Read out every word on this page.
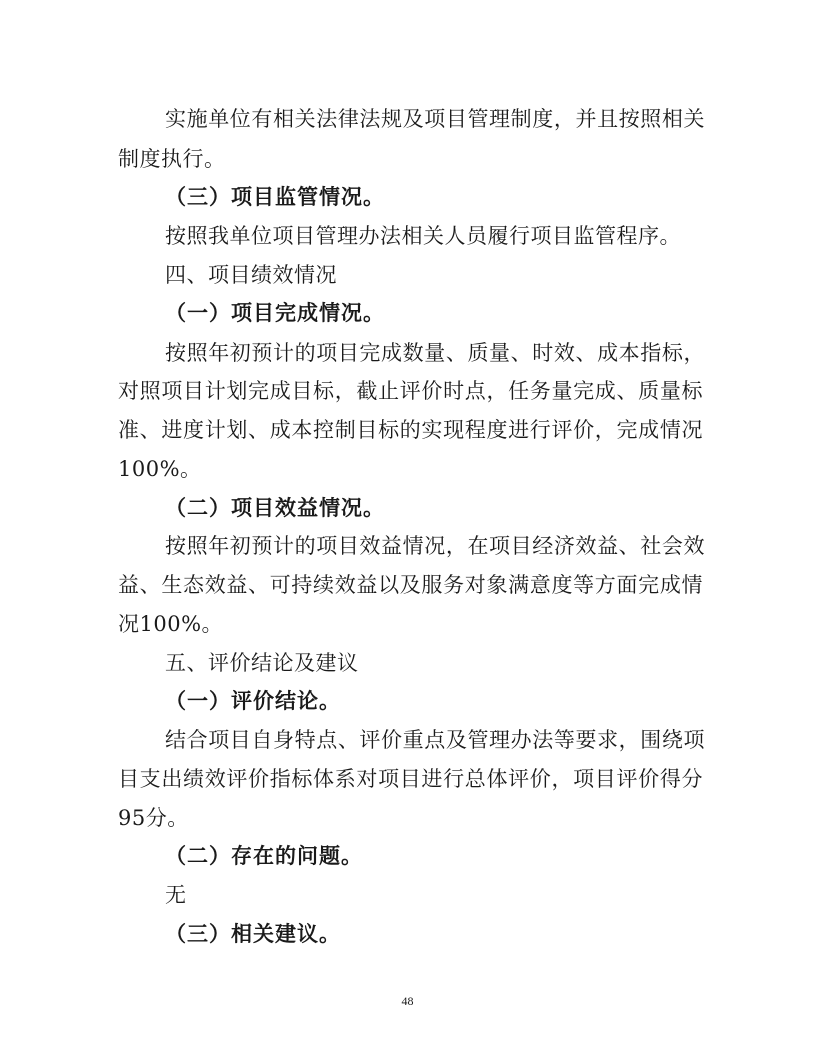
实施单位有相关法律法规及项目管理制度，并且按照相关
制度执行。
（三）项目监管情况。
按照我单位项目管理办法相关人员履行项目监管程序。
四、项目绩效情况
（一）项目完成情况。
按照年初预计的项目完成数量、质量、时效、成本指标，
对照项目计划完成目标，截止评价时点，任务量完成、质量标
准、进度计划、成本控制目标的实现程度进行评价，完成情况
100%。
（二）项目效益情况。
按照年初预计的项目效益情况，在项目经济效益、社会效
益、生态效益、可持续效益以及服务对象满意度等方面完成情
况100%。
五、评价结论及建议
（一）评价结论。
结合项目自身特点、评价重点及管理办法等要求，围绕项
目支出绩效评价指标体系对项目进行总体评价，项目评价得分
95分。
（二）存在的问题。
无
（三）相关建议。
48
